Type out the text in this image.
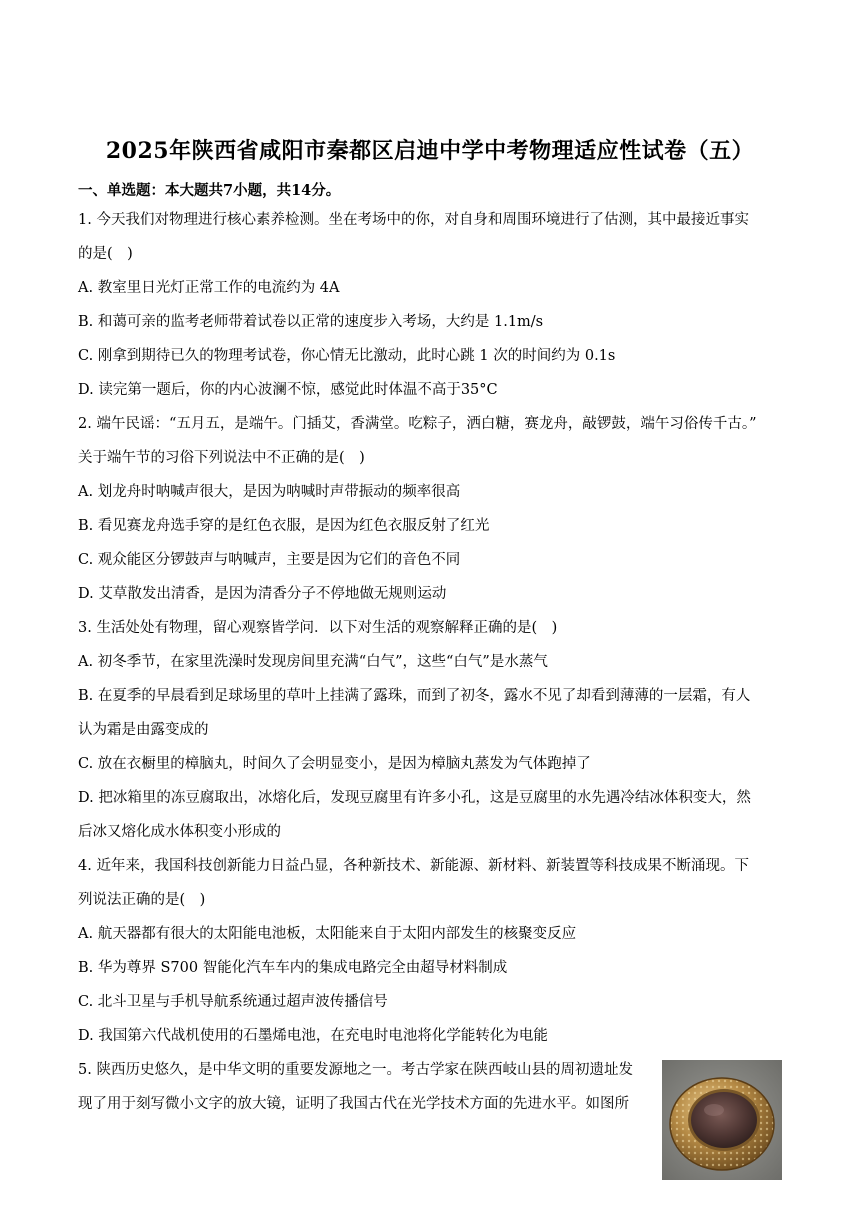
2025年陕西省咸阳市秦都区启迪中学中考物理适应性试卷（五）
一、单选题：本大题共7小题，共14分。
1. 今天我们对物理进行核心素养检测。坐在考场中的你，对自身和周围环境进行了估测，其中最接近事实
的是(　)
A. 教室里日光灯正常工作的电流约为 4A
B. 和蔼可亲的监考老师带着试卷以正常的速度步入考场，大约是 1.1m/s
C. 刚拿到期待已久的物理考试卷，你心情无比激动，此时心跳 1 次的时间约为 0.1s
D. 读完第一题后，你的内心波澜不惊，感觉此时体温不高于35°C
2. 端午民谣：“五月五，是端午。门插艾，香满堂。吃粽子，洒白糖，赛龙舟，敲锣鼓，端午习俗传千古。”
关于端午节的习俗下列说法中不正确的是(　)
A. 划龙舟时呐喊声很大，是因为呐喊时声带振动的频率很高
B. 看见赛龙舟选手穿的是红色衣服，是因为红色衣服反射了红光
C. 观众能区分锣鼓声与呐喊声，主要是因为它们的音色不同
D. 艾草散发出清香，是因为清香分子不停地做无规则运动
3. 生活处处有物理，留心观察皆学问．以下对生活的观察解释正确的是(　)
A. 初冬季节，在家里洗澡时发现房间里充满“白气”，这些“白气”是水蒸气
B. 在夏季的早晨看到足球场里的草叶上挂满了露珠，而到了初冬，露水不见了却看到薄薄的一层霜，有人
认为霜是由露变成的
C. 放在衣橱里的樟脑丸，时间久了会明显变小，是因为樟脑丸蒸发为气体跑掉了
D. 把冰箱里的冻豆腐取出，冰熔化后，发现豆腐里有许多小孔，这是豆腐里的水先遇冷结冰体积变大，然
后冰又熔化成水体积变小形成的
4. 近年来，我国科技创新能力日益凸显，各种新技术、新能源、新材料、新装置等科技成果不断涌现。下
列说法正确的是(　)
A. 航天器都有很大的太阳能电池板，太阳能来自于太阳内部发生的核聚变反应
B. 华为尊界 S700 智能化汽车车内的集成电路完全由超导材料制成
C. 北斗卫星与手机导航系统通过超声波传播信号
D. 我国第六代战机使用的石墨烯电池，在充电时电池将化学能转化为电能
5. 陕西历史悠久，是中华文明的重要发源地之一。考古学家在陕西岐山县的周初遗址发
现了用于刻写微小文字的放大镜，证明了我国古代在光学技术方面的先进水平。如图所
